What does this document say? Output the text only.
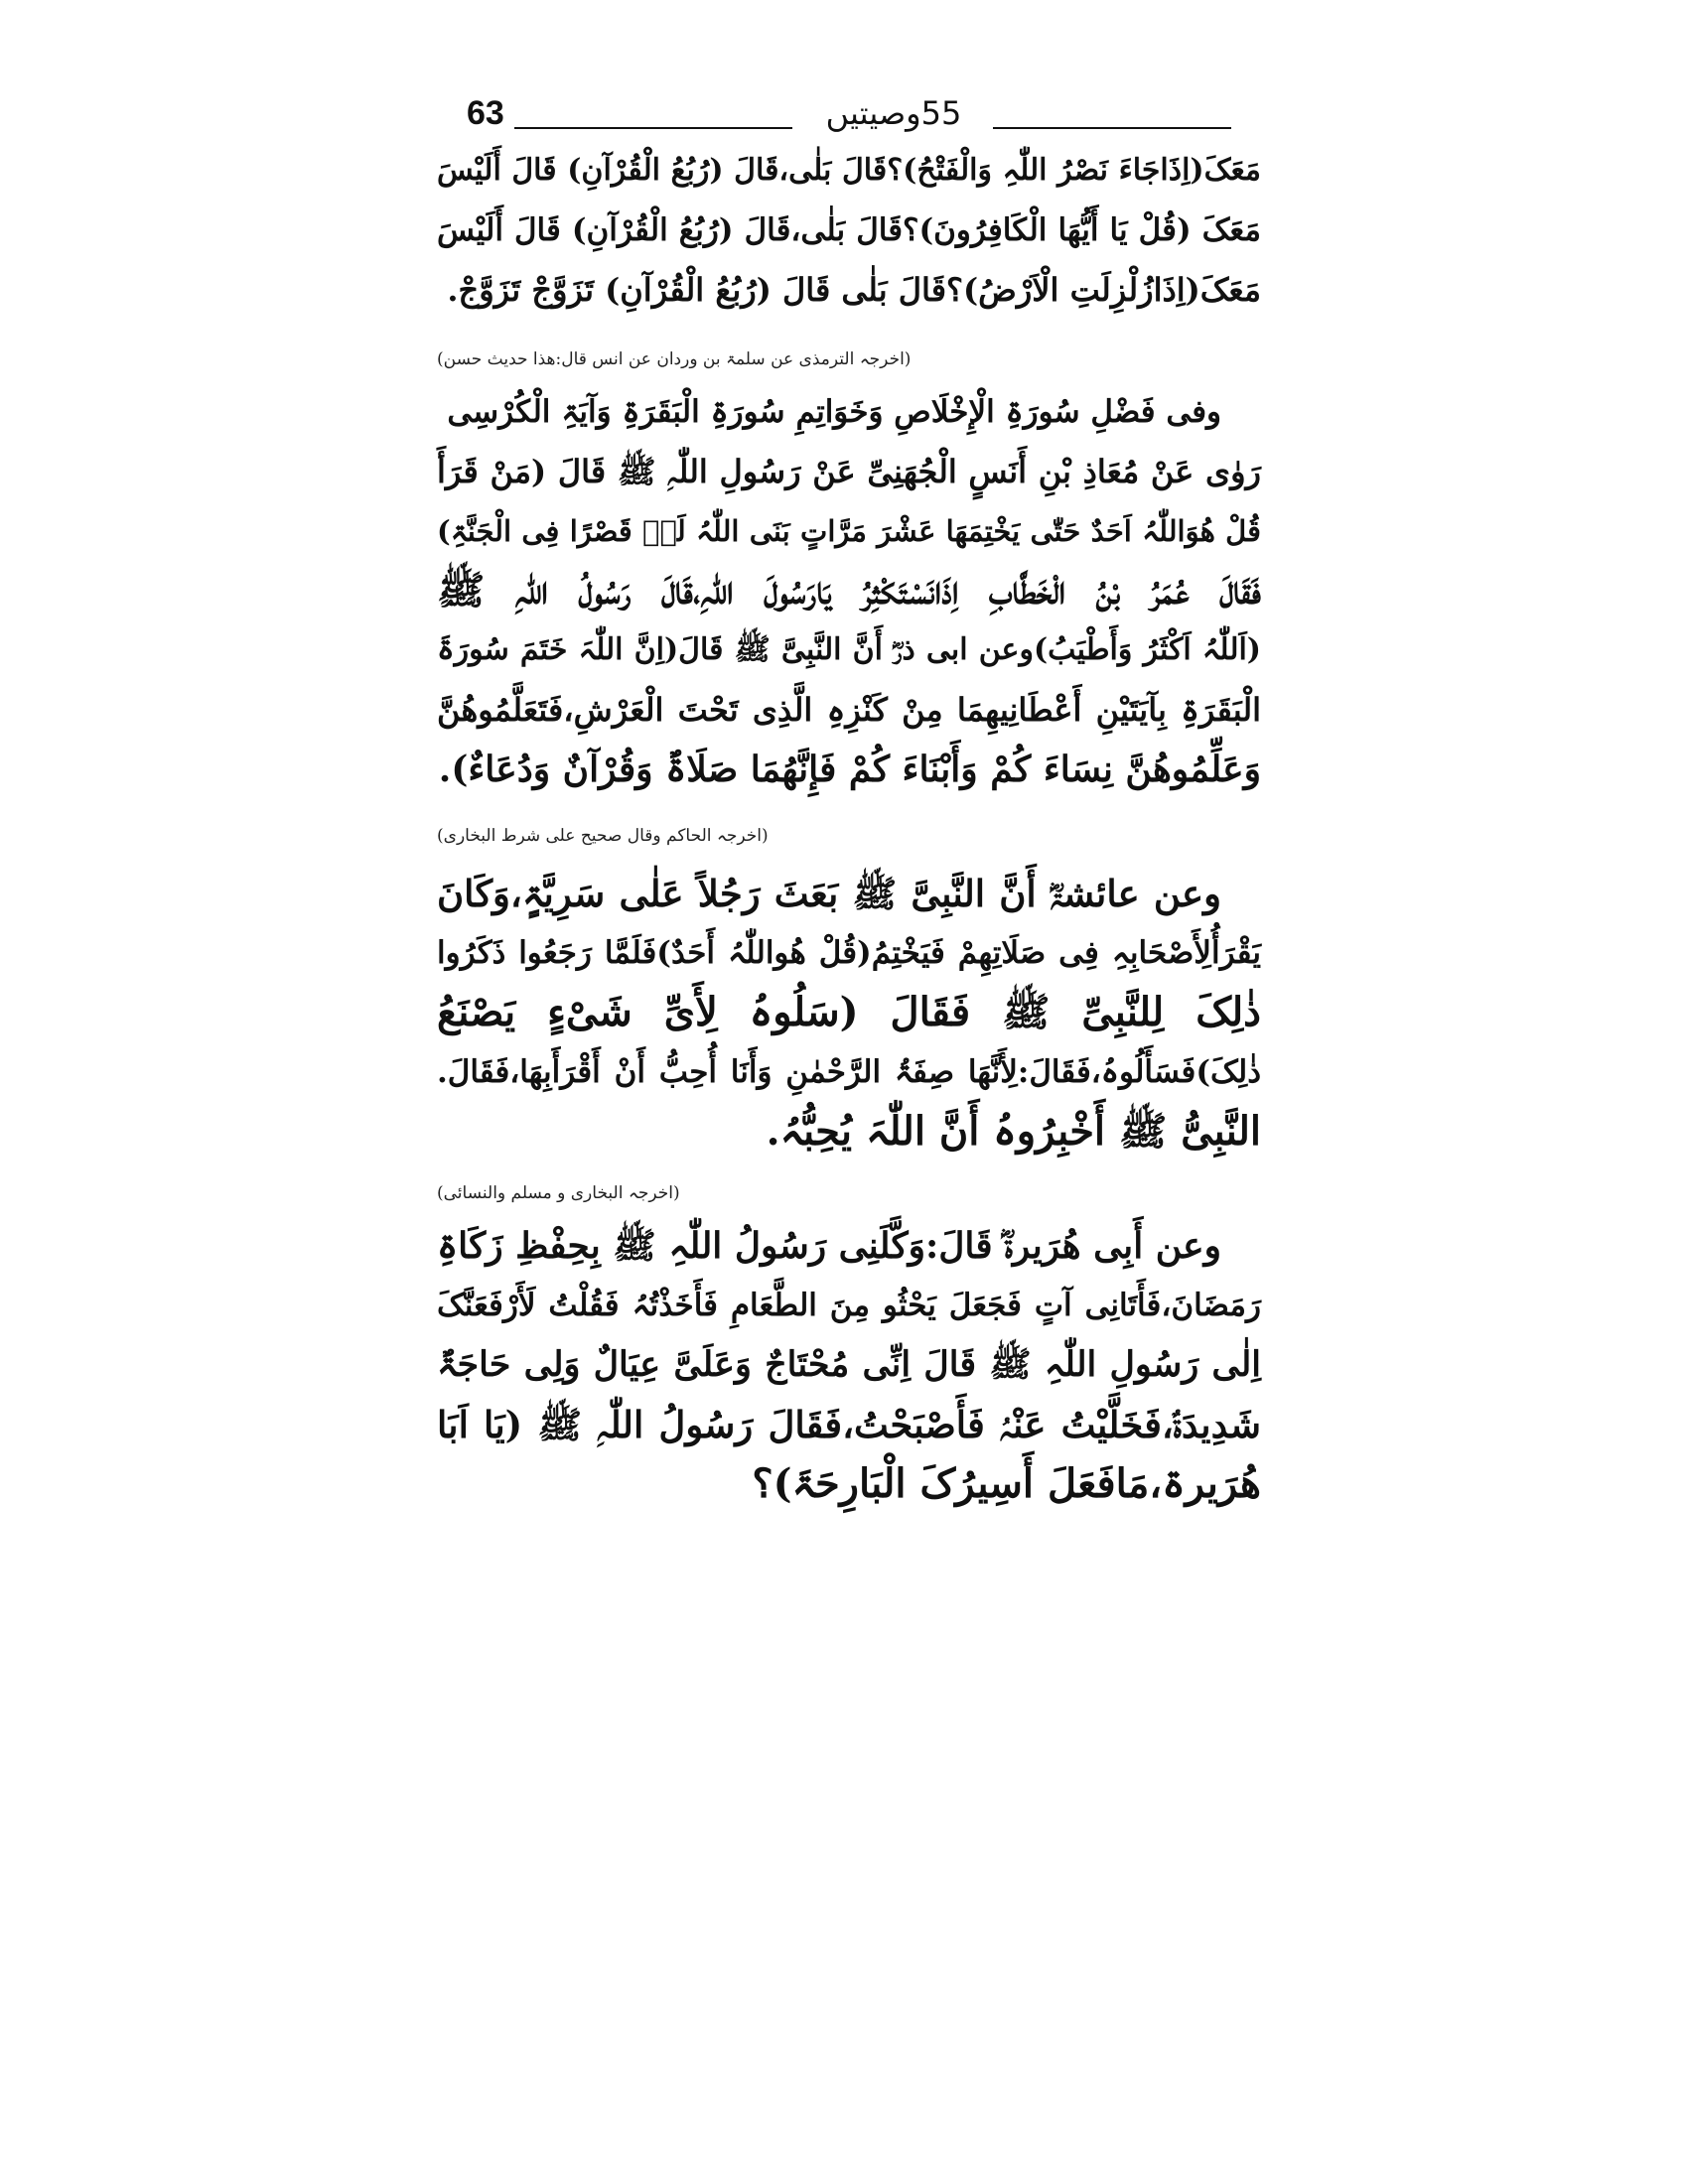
63	55وصیتیں
مَعَکَ(اِذَاجَاءَ نَصْرُ اللّٰہِ وَالْفَتْحُ)؟قَالَ بَلٰی،قَالَ (رُبُعُ الْقُرْآنِ) قَالَ أَلَیْسَ
مَعَکَ (قُلْ یَا أَیُّھَا الْکَافِرُونَ)؟قَالَ بَلٰی،قَالَ (رُبُعُ الْقُرْآنِ) قَالَ أَلَیْسَ
مَعَکَ(اِذَازُلْزِلَتِ الْاَرْضُ)؟قَالَ بَلٰی قَالَ (رُبُعُ الْقُرْآنِ) تَزَوَّجْ تَزَوَّجْ.
(اخرجہ الترمذی عن سلمۃ بن وردان عن انس قال:ھذا حدیث حسن)
وفی فَضْلِ سُورَۃِ الْإِخْلَاصِ وَخَوَاتِمِ سُورَۃِ الْبَقَرَۃِ وَآیَۃِ الْکُرْسِی
رَوٰی عَنْ مُعَاذِ بْنِ أَنَسٍ الْجُھَنِیِّ عَنْ رَسُولِ اللّٰہِ ﷺ قَالَ (مَنْ قَرَأَ
قُلْ ھُوَاللّٰہُ اَحَدٌ حَتّٰی یَخْتِمَھَا عَشْرَ مَرَّاتٍ بَنَی اللّٰہُ لَہٗ قَصْرًا فِی الْجَنَّۃِ)
فَقَالَ عُمَرُ بْنُ الْخَطَّابِ اِذَانَسْتَکْثِرُ یَارَسُولَ اللّٰہِ،قَالَ رَسُولُ اللّٰہِ ﷺ
(اَللّٰہُ اَکْثَرُ وَأَطْیَبُ)وعن ابی ذرؓ أَنَّ النَّبِیَّ ﷺ قَالَ(اِنَّ اللّٰہَ خَتَمَ سُورَۃَ
الْبَقَرَۃِ بِآیَتَیْنِ أَعْطَانِیھِمَا مِنْ کَنْزِہِ الَّذِی تَحْتَ الْعَرْشِ،فَتَعَلَّمُوھُنَّ
وَعَلِّمُوھُنَّ نِسَاءَ کُمْ وَأَبْنَاءَ کُمْ فَإِنَّھُمَا صَلَاۃٌ وَقُرْآنٌ وَدُعَاءٌ).
(اخرجہ الحاکم وقال صحیح علی شرط البخاری)
وعن عائشۃؓ أَنَّ النَّبِیَّ ﷺ بَعَثَ رَجُلاً عَلٰی سَرِیَّۃٍ،وَکَانَ
یَقْرَأُلِأَصْحَابِہِ فِی صَلَاتِھِمْ فَیَخْتِمُ(قُلْ ھُواللّٰہُ أَحَدٌ)فَلَمَّا رَجَعُوا ذَکَرُوا
ذٰلِکَ لِلنَّبِیِّ ﷺ فَقَالَ (سَلُوہُ لِأَیِّ شَیْءٍ یَصْنَعُ
ذٰلِکَ)فَسَأَلُوہُ،فَقَالَ:لِأَنَّھَا صِفَۃُ الرَّحْمٰنِ وَأَنَا أُحِبُّ أَنْ أَقْرَأَبِھَا،فَقَالَ.
النَّبِیُّ ﷺ أَخْبِرُوہُ أَنَّ اللّٰہَ یُحِبُّہُ.
(اخرجہ البخاری و مسلم والنسائی)
وعن أَبِی ھُرَیرۃؓ قَالَ:وَکَّلَنِی رَسُولُ اللّٰہِ ﷺ بِحِفْظِ زَکَاۃِ
رَمَضَانَ،فَأَتَانِی آتٍ فَجَعَلَ یَحْثُو مِنَ الطَّعَامِ فَأَخَذْتُہُ فَقُلْتُ لَأَرْفَعَنَّکَ
اِلٰی رَسُولِ اللّٰہِ ﷺ قَالَ اِنِّی مُحْتَاجٌ وَعَلَیَّ عِیَالٌ وَلِی حَاجَۃٌ
شَدِیدَۃٌ،فَخَلَّیْتُ عَنْہُ فَأَصْبَحْتُ،فَقَالَ رَسُولُ اللّٰہِ ﷺ (یَا اَبَا
ھُرَیرۃ،مَافَعَلَ أَسِیرُکَ الْبَارِحَۃَ)؟
